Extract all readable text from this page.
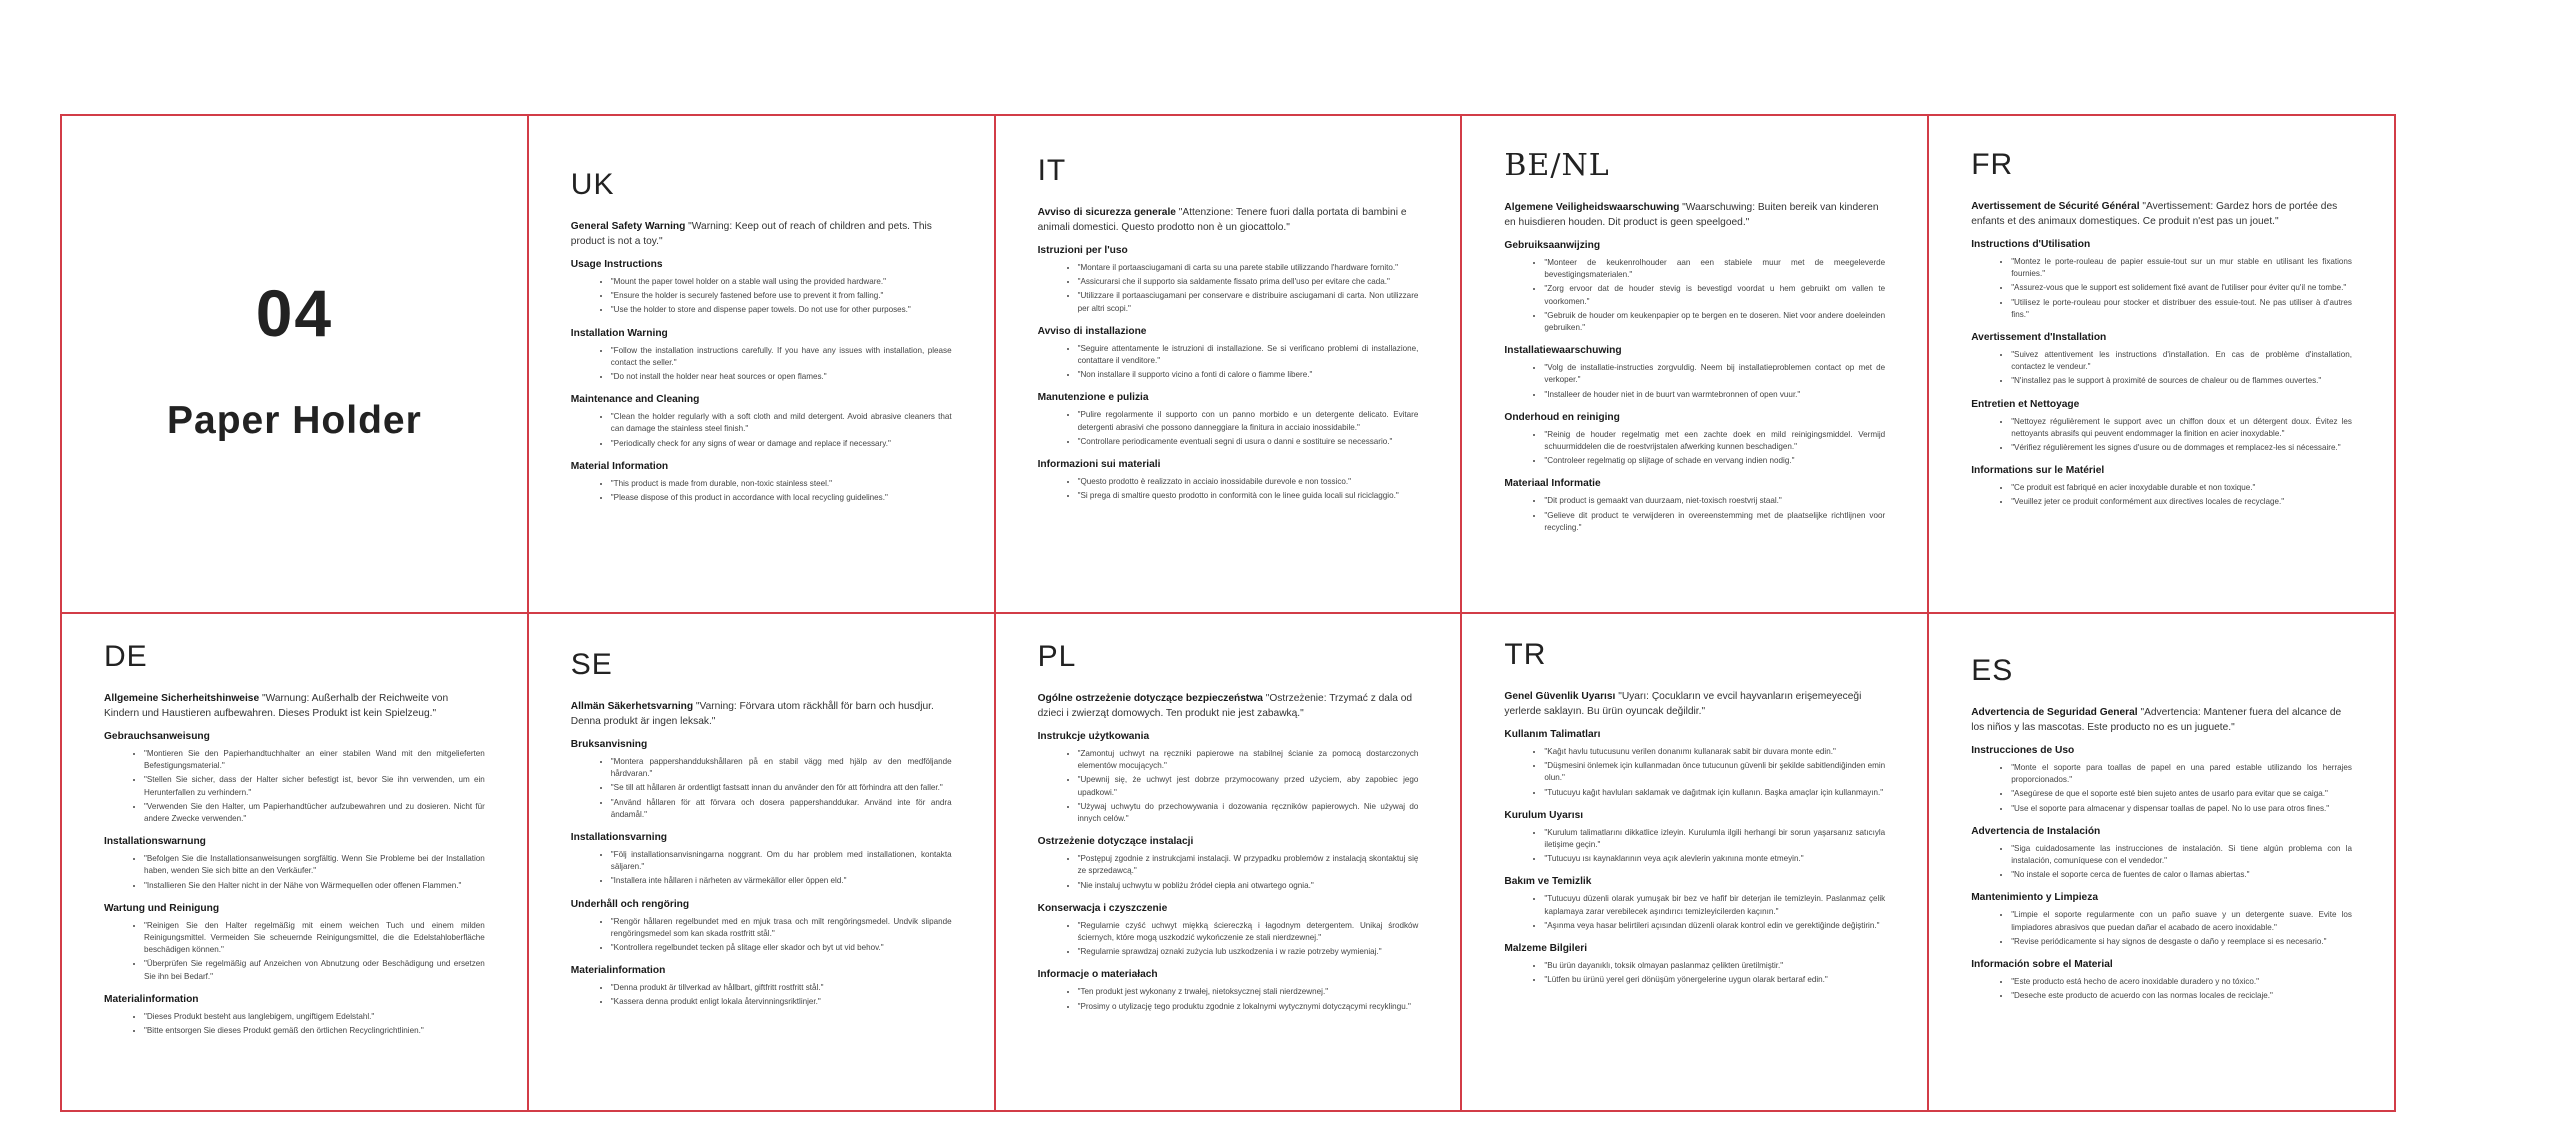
04
Paper Holder
UK

General Safety Warning "Warning: Keep out of reach of children and pets. This product is not a toy."

Usage Instructions
• "Mount the paper towel holder on a stable wall using the provided hardware."
• "Ensure the holder is securely fastened before use to prevent it from falling."
• "Use the holder to store and dispense paper towels. Do not use for other purposes."
Installation Warning
• "Follow the installation instructions carefully. If you have any issues with installation, please contact the seller."
• "Do not install the holder near heat sources or open flames."
Maintenance and Cleaning
• "Clean the holder regularly with a soft cloth and mild detergent. Avoid abrasive cleaners that can damage the stainless steel finish."
• "Periodically check for any signs of wear or damage and replace if necessary."
Material Information
• "This product is made from durable, non-toxic stainless steel."
• "Please dispose of this product in accordance with local recycling guidelines."
IT

Avviso di sicurezza generale "Attenzione: Tenere fuori dalla portata di bambini e animali domestici. Questo prodotto non è un giocattolo."

Istruzioni per l'uso
• "Montare il portaasciugamani di carta su una parete stabile utilizzando l'hardware fornito."
• "Assicurarsi che il supporto sia saldamente fissato prima dell'uso per evitare che cada."
• "Utilizzare il portaasciugamani per conservare e distribuire asciugamani di carta. Non utilizzare per altri scopi."
Avviso di installazione
• "Seguire attentamente le istruzioni di installazione. Se si verificano problemi di installazione, contattare il venditore."
• "Non installare il supporto vicino a fonti di calore o fiamme libere."
Manutenzione e pulizia
• "Pulire regolarmente il supporto con un panno morbido e un detergente delicato. Evitare detergenti abrasivi che possono danneggiare la finitura in acciaio inossidabile."
• "Controllare periodicamente eventuali segni di usura o danni e sostituire se necessario."
Informazioni sui materiali
• "Questo prodotto è realizzato in acciaio inossidabile durevole e non tossico."
• "Si prega di smaltire questo prodotto in conformità con le linee guida locali sul riciclaggio."
BE/NL

Algemene Veiligheidswaarschuwing "Waarschuwing: Buiten bereik van kinderen en huisdieren houden. Dit product is geen speelgoed."

Gebruiksaanwijzing
• "Monteer de keukenrolhouder aan een stabiele muur met de meegeleverde bevestigingsmaterialen."
• "Zorg ervoor dat de houder stevig is bevestigd voordat u hem gebruikt om vallen te voorkomen."
• "Gebruik de houder om keukenpapier op te bergen en te doseren. Niet voor andere doeleinden gebruiken."
Installatiewaarschuwing
• "Volg de installatie-instructies zorgvuldig. Neem bij installatieproblemen contact op met de verkoper."
• "Installeer de houder niet in de buurt van warmtebronnen of open vuur."
Onderhoud en reiniging
• "Reinig de houder regelmatig met een zachte doek en mild reinigingsmiddel. Vermijd schuurmiddelen die de roestvrijstalen afwerking kunnen beschadigen."
• "Controleer regelmatig op slijtage of schade en vervang indien nodig."
Materiaal Informatie
• "Dit product is gemaakt van duurzaam, niet-toxisch roestvrij staal."
• "Gelieve dit product te verwijderen in overeenstemming met de plaatselijke richtlijnen voor recycling."
FR

Avertissement de Sécurité Général "Avertissement: Gardez hors de portée des enfants et des animaux domestiques. Ce produit n'est pas un jouet."

Instructions d'Utilisation
• "Montez le porte-rouleau de papier essuie-tout sur un mur stable en utilisant les fixations fournies."
• "Assurez-vous que le support est solidement fixé avant de l'utiliser pour éviter qu'il ne tombe."
• "Utilisez le porte-rouleau pour stocker et distribuer des essuie-tout. Ne pas utiliser à d'autres fins."
Avertissement d'Installation
• "Suivez attentivement les instructions d'installation. En cas de problème d'installation, contactez le vendeur."
• "N'installez pas le support à proximité de sources de chaleur ou de flammes ouvertes."
Entretien et Nettoyage
• "Nettoyez régulièrement le support avec un chiffon doux et un détergent doux. Évitez les nettoyants abrasifs qui peuvent endommager la finition en acier inoxydable."
• "Vérifiez régulièrement les signes d'usure ou de dommages et remplacez-les si nécessaire."
Informations sur le Matériel
• "Ce produit est fabriqué en acier inoxydable durable et non toxique."
• "Veuillez jeter ce produit conformément aux directives locales de recyclage."
DE

Allgemeine Sicherheitshinweise "Warnung: Außerhalb der Reichweite von Kindern und Haustieren aufbewahren. Dieses Produkt ist kein Spielzeug."

Gebrauchsanweisung
• "Montieren Sie den Papierhandtuchhalter an einer stabilen Wand mit den mitgelieferten Befestigungsmaterial."
• "Stellen Sie sicher, dass der Halter sicher befestigt ist, bevor Sie ihn verwenden, um ein Herunterfallen zu verhindern."
• "Verwenden Sie den Halter, um Papierhandtücher aufzubewahren und zu dosieren. Nicht für andere Zwecke verwenden."
Installationswarnung
• "Befolgen Sie die Installationsanweisungen sorgfältig. Wenn Sie Probleme bei der Installation haben, wenden Sie sich bitte an den Verkäufer."
• "Installieren Sie den Halter nicht in der Nähe von Wärmequellen oder offenen Flammen."
Wartung und Reinigung
• "Reinigen Sie den Halter regelmäßig mit einem weichen Tuch und einem milden Reinigungsmittel. Vermeiden Sie scheuernde Reinigungsmittel, die die Edelstahloberfläche beschädigen können."
• "Überprüfen Sie regelmäßig auf Anzeichen von Abnutzung oder Beschädigung und ersetzen Sie ihn bei Bedarf."
Materialinformation
• "Dieses Produkt besteht aus langlebigem, ungiftigem Edelstahl."
• "Bitte entsorgen Sie dieses Produkt gemäß den örtlichen Recyclingrichtlinien."
SE

Allmän Säkerhetsvarning "Varning: Förvara utom räckhåll för barn och husdjur. Denna produkt är ingen leksak."

Bruksanvisning
• "Montera pappershanddukshållaren på en stabil vägg med hjälp av den medföljande hårdvaran."
• "Se till att hållaren är ordentligt fastsatt innan du använder den för att förhindra att den faller."
• "Använd hållaren för att förvara och dosera pappershanddukar. Använd inte för andra ändamål."
Installationsvarning
• "Följ installationsanvisningarna noggrant. Om du har problem med installationen, kontakta säljaren."
• "Installera inte hållaren i närheten av värmekällor eller öppen eld."
Underhåll och rengöring
• "Rengör hållaren regelbundet med en mjuk trasa och milt rengöringsmedel. Undvik slipande rengöringsmedel som kan skada rostfritt stål."
• "Kontrollera regelbundet tecken på slitage eller skador och byt ut vid behov."
Materialinformation
• "Denna produkt är tillverkad av hållbart, giftfritt rostfritt stål."
• "Kassera denna produkt enligt lokala återvinningsriktlinjer."
PL

Ogólne ostrzeżenie dotyczące bezpieczeństwa "Ostrzeżenie: Trzymać z dala od dzieci i zwierząt domowych. Ten produkt nie jest zabawką."

Instrukcje użytkowania
• "Zamontuj uchwyt na ręczniki papierowe na stabilnej ścianie za pomocą dostarczonych elementów mocujących."
• "Upewnij się, że uchwyt jest dobrze przymocowany przed użyciem, aby zapobiec jego upadkowi."
• "Używaj uchwytu do przechowywania i dozowania ręczników papierowych. Nie używaj do innych celów."
Ostrzeżenie dotyczące instalacji
• "Postępuj zgodnie z instrukcjami instalacji. W przypadku problemów z instalacją skontaktuj się ze sprzedawcą."
• "Nie instaluj uchwytu w pobliżu źródeł ciepła ani otwartego ognia."
Konserwacja i czyszczenie
• "Regularnie czyść uchwyt miękką ściereczką i łagodnym detergentem. Unikaj środków ściernych, które mogą uszkodzić wykończenie ze stali nierdzewnej."
• "Regularnie sprawdzaj oznaki zużycia lub uszkodzenia i w razie potrzeby wymieniaj."
Informacje o materiałach
• "Ten produkt jest wykonany z trwałej, nietoksycznej stali nierdzewnej."
• "Prosimy o utylizację tego produktu zgodnie z lokalnymi wytycznymi dotyczącymi recyklingu."
TR

Genel Güvenlik Uyarısı "Uyarı: Çocukların ve evcil hayvanların erişemeyeceği yerlerde saklayın. Bu ürün oyuncak değildir."

Kullanım Talimatları
• "Kağıt havlu tutucusunu verilen donanımı kullanarak sabit bir duvara monte edin."
• "Düşmesini önlemek için kullanmadan önce tutucunun güvenli bir şekilde sabitlendiğinden emin olun."
• "Tutucuyu kağıt havluları saklamak ve dağıtmak için kullanın. Başka amaçlar için kullanmayın."
Kurulum Uyarısı
• "Kurulum talimatlarını dikkatlice izleyin. Kurulumla ilgili herhangi bir sorun yaşarsanız satıcıyla iletişime geçin."
• "Tutucuyu ısı kaynaklarının veya açık alevlerin yakınına monte etmeyin."
Bakım ve Temizlik
• "Tutucuyu düzenli olarak yumuşak bir bez ve hafif bir deterjan ile temizleyin. Paslanmaz çelik kaplamaya zarar verebilecek aşındırıcı temizleyicilerden kaçının."
• "Aşınma veya hasar belirtileri açısından düzenli olarak kontrol edin ve gerektiğinde değiştirin."
Malzeme Bilgileri
• "Bu ürün dayanıklı, toksik olmayan paslanmaz çelikten üretilmiştir."
• "Lütfen bu ürünü yerel geri dönüşüm yönergelerine uygun olarak bertaraf edin."
ES

Advertencia de Seguridad General "Advertencia: Mantener fuera del alcance de los niños y las mascotas. Este producto no es un juguete."

Instrucciones de Uso
• "Monte el soporte para toallas de papel en una pared estable utilizando los herrajes proporcionados."
• "Asegúrese de que el soporte esté bien sujeto antes de usarlo para evitar que se caiga."
• "Use el soporte para almacenar y dispensar toallas de papel. No lo use para otros fines."
Advertencia de Instalación
• "Siga cuidadosamente las instrucciones de instalación. Si tiene algún problema con la instalación, comuníquese con el vendedor."
• "No instale el soporte cerca de fuentes de calor o llamas abiertas."
Mantenimiento y Limpieza
• "Limpie el soporte regularmente con un paño suave y un detergente suave. Evite los limpiadores abrasivos que puedan dañar el acabado de acero inoxidable."
• "Revise periódicamente si hay signos de desgaste o daño y reemplace si es necesario."
Información sobre el Material
• "Este producto está hecho de acero inoxidable duradero y no tóxico."
• "Deseche este producto de acuerdo con las normas locales de reciclaje."
